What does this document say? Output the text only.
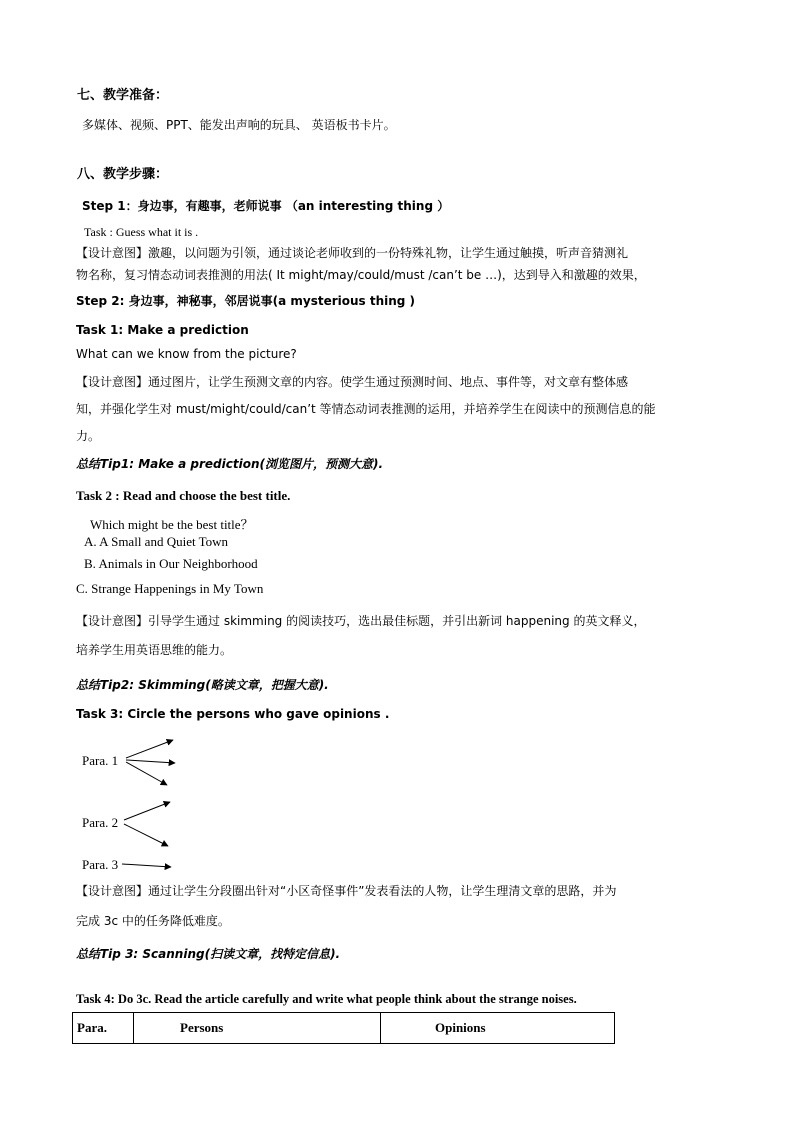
七、教学准备：
多媒体、视频、PPT、能发出声响的玩具、 英语板书卡片。
八、教学步骤：
Step 1：身边事，有趣事，老师说事 （an interesting thing ）
Task : Guess what it is .
【设计意图】激趣，以问题为引领，通过谈论老师收到的一份特殊礼物，让学生通过触摸，听声音猜测礼
物名称，复习情态动词表推测的用法( It might/may/could/must /can’t be …)，达到导入和激趣的效果，
Step 2: 身边事，神秘事，邻居说事(a mysterious thing )
Task 1: Make a prediction
What can we know from the picture?
【设计意图】通过图片，让学生预测文章的内容。使学生通过预测时间、地点、事件等，对文章有整体感
知，并强化学生对 must/might/could/can’t 等情态动词表推测的运用，并培养学生在阅读中的预测信息的能
力。
总结Tip1: Make a prediction(浏览图片，预测大意).
Task 2 : Read and choose the best title.
Which might be the best title？
A. A Small and Quiet Town
B. Animals in Our Neighborhood
C. Strange Happenings in My Town
【设计意图】引导学生通过 skimming 的阅读技巧，选出最佳标题，并引出新词 happening 的英文释义，
培养学生用英语思维的能力。
总结Tip2: Skimming(略读文章，把握大意).
Task 3: Circle the persons who gave opinions .
Para. 1
Para. 2
Para. 3
【设计意图】通过让学生分段圈出针对“小区奇怪事件”发表看法的人物，让学生理清文章的思路，并为
完成 3c 中的任务降低难度。
总结Tip 3: Scanning(扫读文章，找特定信息).
Task 4: Do 3c. Read the article carefully and write what people think about the strange noises.
Para.	Persons	Opinions
